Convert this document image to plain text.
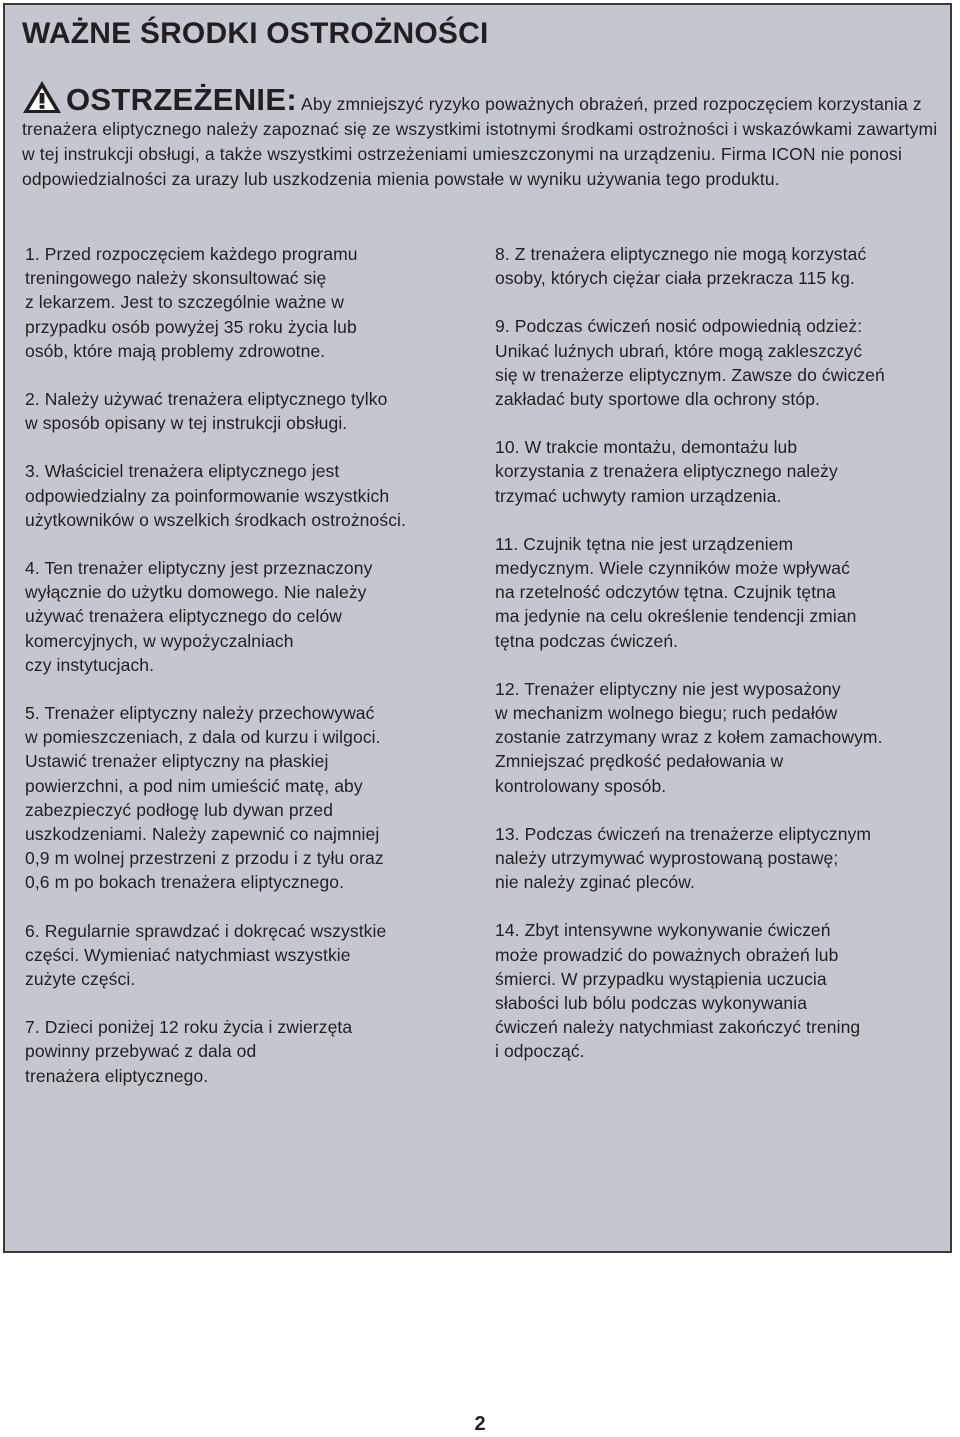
WAŻNE ŚRODKI OSTROŻNOŚCI
OSTRZEŻENIE: Aby zmniejszyć ryzyko poważnych obrażeń, przed rozpoczęciem korzystania z trenażera eliptycznego należy zapoznać się ze wszystkimi istotnymi środkami ostrożności i wskazówkami zawartymi w tej instrukcji obsługi, a także wszystkimi ostrzeżeniami umieszczonymi na urządzeniu. Firma ICON nie ponosi odpowiedzialności za urazy lub uszkodzenia mienia powstałe w wyniku używania tego produktu.

1. Przed rozpoczęciem każdego programu
treningowego należy skonsultować się
z lekarzem. Jest to szczególnie ważne w
przypadku osób powyżej 35 roku życia lub
osób, które mają problemy zdrowotne.

2. Należy używać trenażera eliptycznego tylko
w sposób opisany w tej instrukcji obsługi.

3. Właściciel trenażera eliptycznego jest
odpowiedzialny za poinformowanie wszystkich
użytkowników o wszelkich środkach ostrożności.

4. Ten trenażer eliptyczny jest przeznaczony
wyłącznie do użytku domowego. Nie należy
używać trenażera eliptycznego do celów
komercyjnych, w wypożyczalniach
czy instytucjach.

5. Trenażer eliptyczny należy przechowywać
w pomieszczeniach, z dala od kurzu i wilgoci.
Ustawić trenażer eliptyczny na płaskiej
powierzchni, a pod nim umieścić matę, aby
zabezpieczyć podłogę lub dywan przed
uszkodzeniami. Należy zapewnić co najmniej
0,9 m wolnej przestrzeni z przodu i z tyłu oraz
0,6 m po bokach trenażera eliptycznego.

6. Regularnie sprawdzać i dokręcać wszystkie
części. Wymieniać natychmiast wszystkie
zużyte części.

7. Dzieci poniżej 12 roku życia i zwierzęta
powinny przebywać z dala od
trenażera eliptycznego.

8. Z trenażera eliptycznego nie mogą korzystać
osoby, których ciężar ciała przekracza 115 kg.

9. Podczas ćwiczeń nosić odpowiednią odzież:
Unikać luźnych ubrań, które mogą zakleszczyć
się w trenażerze eliptycznym. Zawsze do ćwiczeń
zakładać buty sportowe dla ochrony stóp.

10. W trakcie montażu, demontażu lub
korzystania z trenażera eliptycznego należy
trzymać uchwyty ramion urządzenia.

11. Czujnik tętna nie jest urządzeniem
medycznym. Wiele czynników może wpływać
na rzetelność odczytów tętna. Czujnik tętna
ma jedynie na celu określenie tendencji zmian
tętna podczas ćwiczeń.

12. Trenażer eliptyczny nie jest wyposażony
w mechanizm wolnego biegu; ruch pedałów
zostanie zatrzymany wraz z kołem zamachowym.
Zmniejszać prędkość pedałowania w
kontrolowany sposób.

13. Podczas ćwiczeń na trenażerze eliptycznym
należy utrzymywać wyprostowaną postawę;
nie należy zginać pleców.

14. Zbyt intensywne wykonywanie ćwiczeń
może prowadzić do poważnych obrażeń lub
śmierci. W przypadku wystąpienia uczucia
słabości lub bólu podczas wykonywania
ćwiczeń należy natychmiast zakończyć trening
i odpocząć.

2
